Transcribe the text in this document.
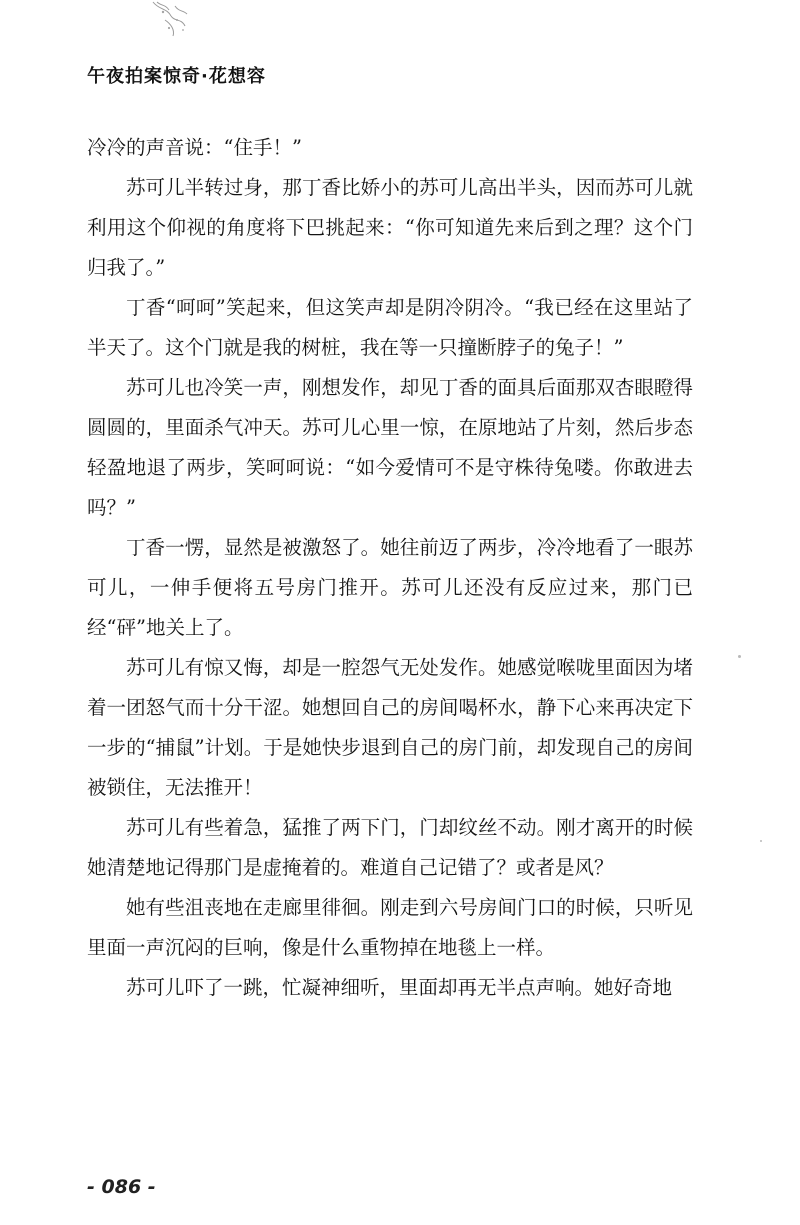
午夜拍案惊奇·花想容

冷冷的声音说：“住手！”

苏可儿半转过身，那丁香比娇小的苏可儿高出半头，因而苏可儿就利用这个仰视的角度将下巴挑起来：“你可知道先来后到之理？这个门归我了。”

丁香“呵呵”笑起来，但这笑声却是阴冷阴冷。“我已经在这里站了半天了。这个门就是我的树桩，我在等一只撞断脖子的兔子！”

苏可儿也冷笑一声，刚想发作，却见丁香的面具后面那双杏眼瞪得圆圆的，里面杀气冲天。苏可儿心里一惊，在原地站了片刻，然后步态轻盈地退了两步，笑呵呵说：“如今爱情可不是守株待兔喽。你敢进去吗？”

丁香一愣，显然是被激怒了。她往前迈了两步，冷冷地看了一眼苏可儿，一伸手便将五号房门推开。苏可儿还没有反应过来，那门已经“砰”地关上了。

苏可儿有惊又悔，却是一腔怨气无处发作。她感觉喉咙里面因为堵着一团怒气而十分干涩。她想回自己的房间喝杯水，静下心来再决定下一步的“捕鼠”计划。于是她快步退到自己的房门前，却发现自己的房间被锁住，无法推开！

苏可儿有些着急，猛推了两下门，门却纹丝不动。刚才离开的时候她清楚地记得那门是虚掩着的。难道自己记错了？或者是风？

她有些沮丧地在走廊里徘徊。刚走到六号房间门口的时候，只听见里面一声沉闷的巨响，像是什么重物掉在地毯上一样。

苏可儿吓了一跳，忙凝神细听，里面却再无半点声响。她好奇地

- 086 -
